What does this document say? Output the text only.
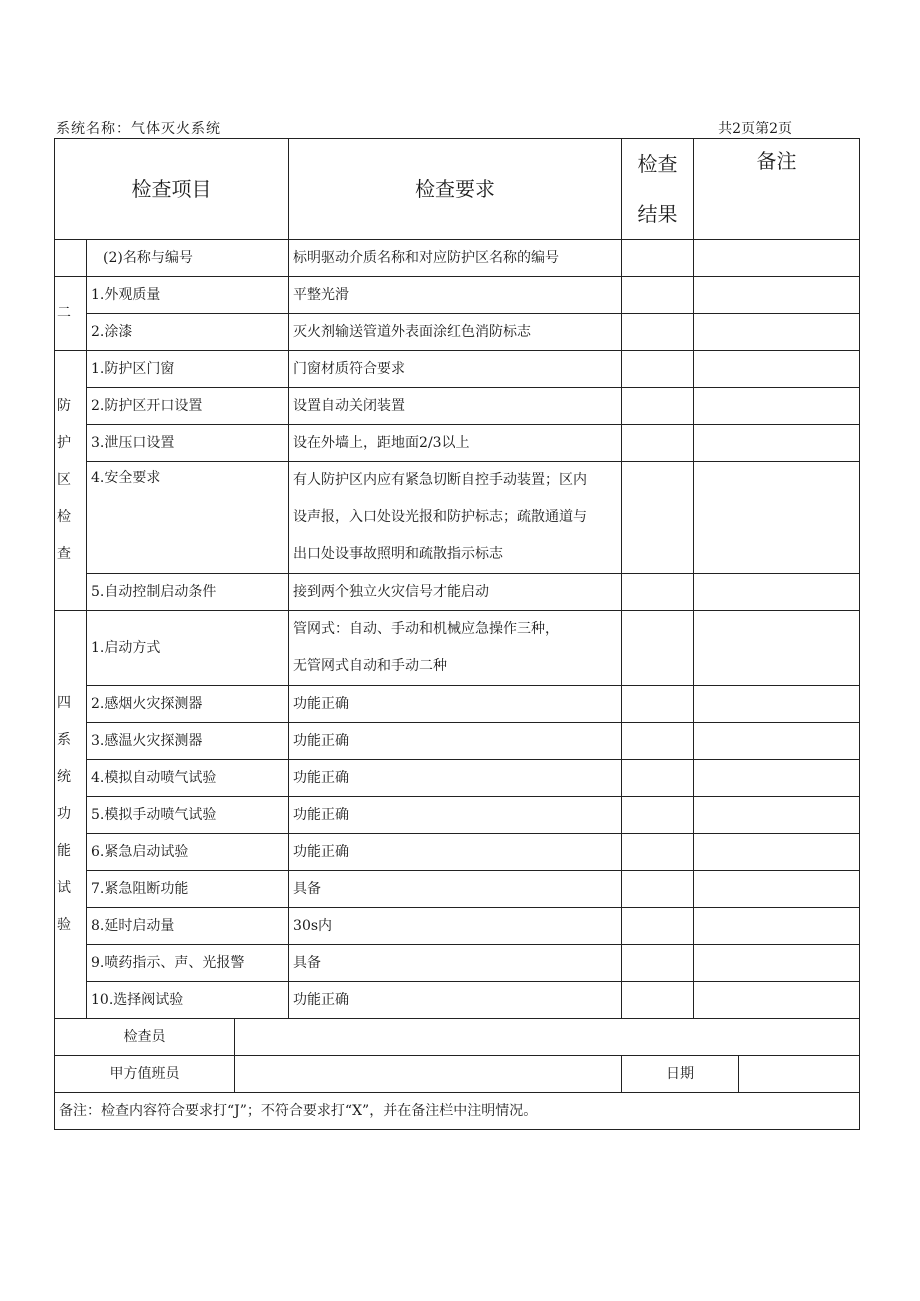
系统名称：气体灭火系统	共2页第2页
检查项目			检查要求	检查
结果	备注	
	(2)名称与编号		标明驱动介质名称和对应防护区名称的编号			
二	1.外观质量		平整光滑			
	2.涂漆		灭火剂输送管道外表面涂红色消防标志			

防护
区检
查	1.防护区门窗		门窗材质符合要求			
	2.防护区开口设置		设置自动关闭装置			
	3.泄压口设置		设在外墙上，距地面2/3以上			
	4.安全要求		有人防护区内应有紧急切断自控手动装置；区内
设声报，入口处设光报和防护标志；疏散通道与
出口处设事故照明和疏散指示标志			

	5.自动控制启动条件		接到两个独立火灾信号才能启动			

四系
统功
能试
验	1.启动方式		管网式：自动、手动和机械应急操作三种，
无管网式自动和手动二种			

	2.感烟火灾探测器		功能正确			
	3.感温火灾探测器		功能正确			
	4.模拟自动喷气试验		功能正确			
	5.模拟手动喷气试验		功能正确			
	6.紧急启动试验		功能正确			
	7.紧急阻断功能		具备			
	8.延时启动量		30s内			
	9.喷药指示、声、光报警		具备			
	10.选择阀试验		功能正确			
检查员						
甲方值班员				日期		
备注：检查内容符合要求打“J”；不符合要求打“X”，并在备注栏中注明情况。						
